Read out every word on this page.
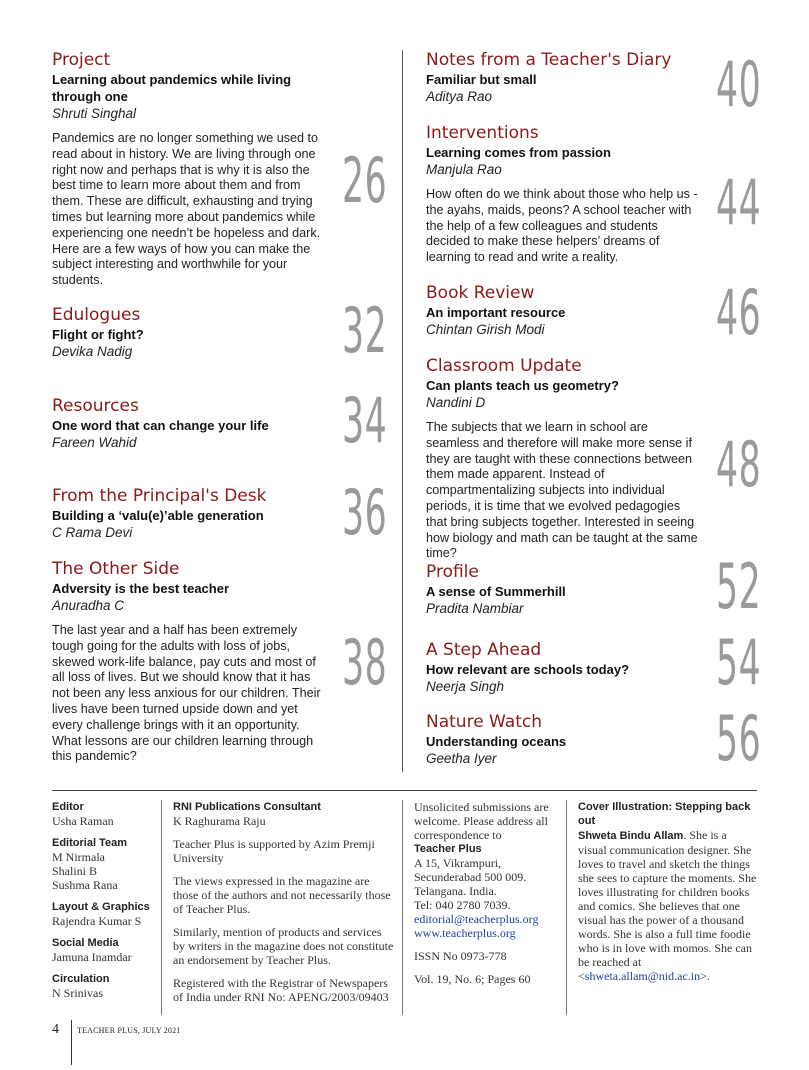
Project
Learning about pandemics while living through one
Shruti Singhal
Pandemics are no longer something we used to read about in history. We are living through one right now and perhaps that is why it is also the best time to learn more about them and from them. These are difficult, exhausting and trying times but learning more about pandemics while experiencing one needn’t be hopeless and dark. Here are a few ways of how you can make the subject interesting and worthwhile for your students.
26
Edulogues
Flight or fight?
Devika Nadig	32
Resources
One word that can change your life
Fareen Wahid	34
From the Principal's Desk
Building a ‘valu(e)’able generation
C Rama Devi	36
The Other Side
Adversity is the best teacher
Anuradha C
The last year and a half has been extremely tough going for the adults with loss of jobs, skewed work-life balance, pay cuts and most of all loss of lives. But we should know that it has not been any less anxious for our children. Their lives have been turned upside down and yet every challenge brings with it an opportunity. What lessons are our children learning through this pandemic?
38
Notes from a Teacher's Diary
Familiar but small
Aditya Rao	40
Interventions
Learning comes from passion
Manjula Rao
How often do we think about those who help us - the ayahs, maids, peons? A school teacher with the help of a few colleagues and students decided to make these helpers’ dreams of learning to read and write a reality.
44
Book Review
An important resource
Chintan Girish Modi	46
Classroom Update
Can plants teach us geometry?
Nandini D
The subjects that we learn in school are seamless and therefore will make more sense if they are taught with these connections between them made apparent. Instead of compartmentalizing subjects into individual periods, it is time that we evolved pedagogies that bring subjects together. Interested in seeing how biology and math can be taught at the same time?
48
Profile
A sense of Summerhill
Pradita Nambiar	52
A Step Ahead
How relevant are schools today?
Neerja Singh	54
Nature Watch
Understanding oceans
Geetha Iyer	56
Editor
Usha Raman
Editorial Team
M Nirmala
Shalini B
Sushma Rana
Layout & Graphics
Rajendra Kumar S
Social Media
Jamuna Inamdar
Circulation
N Srinivas
RNI Publications Consultant

K Raghurama Raju

Teacher Plus is supported by Azim Premji University

The views expressed in the magazine are those of the authors and not necessarily those of Teacher Plus.

Similarly, mention of products and services by writers in the magazine does not constitute an endorsement by Teacher Plus.

Registered with the Registrar of Newspapers of India under RNI No: APENG/2003/09403

Unsolicited submissions are welcome. Please address all correspondence to

Teacher Plus
A 15, Vikrampuri,
Secunderabad 500 009.
Telangana. India.
Tel: 040 2780 7039.
editorial@teacherplus.org

www.teacherplus.org

ISSN No 0973-778

Vol. 19, No. 6; Pages 60

Cover Illustration: Stepping back out
Shweta Bindu Allam. She is a visual communication designer. She loves to travel and sketch the things she sees to capture the moments. She loves illustrating for children books and comics. She believes that one visual has the power of a thousand words. She is also a full time foodie who is in love with momos. She can be reached at <shweta.allam@nid.ac.in>.
4 TEACHER PLUS, JULY 2021
